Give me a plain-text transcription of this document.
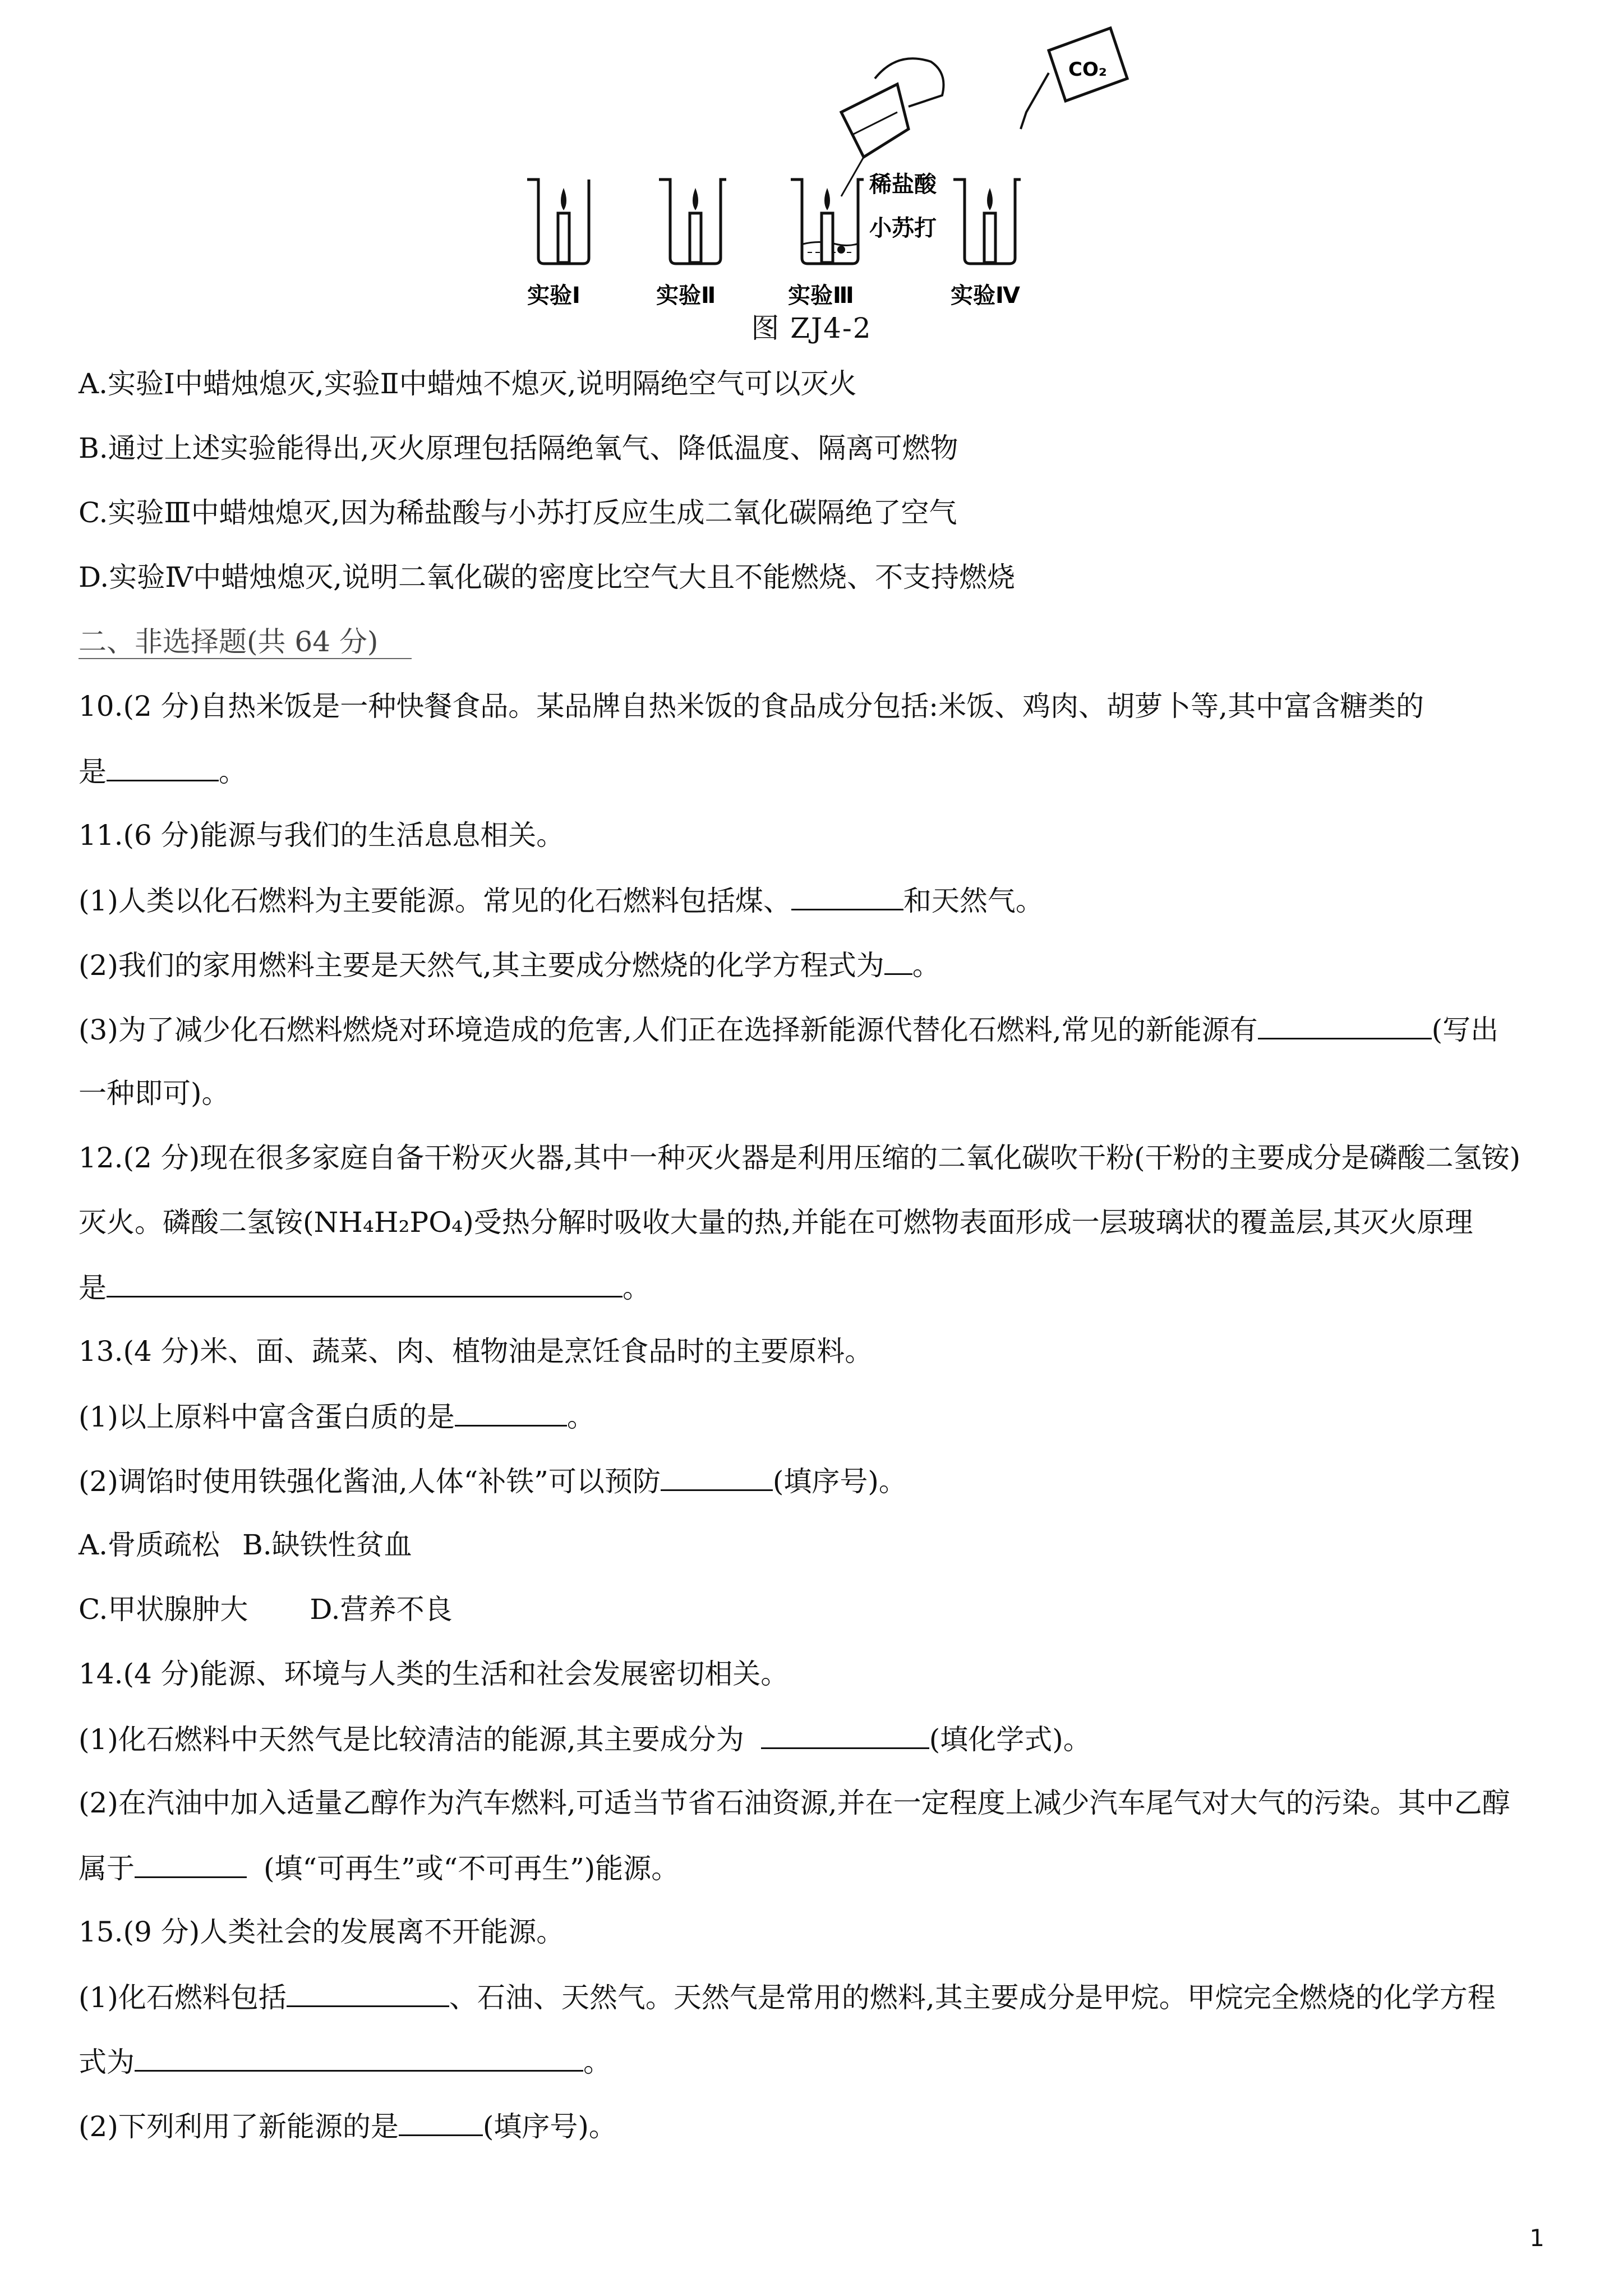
稀盐酸
小苏打
CO₂
实验Ⅰ	实验Ⅱ	实验Ⅲ	实验Ⅳ
图 ZJ4-2
A.实验Ⅰ中蜡烛熄灭,实验Ⅱ中蜡烛不熄灭,说明隔绝空气可以灭火
B.通过上述实验能得出,灭火原理包括隔绝氧气、降低温度、隔离可燃物
C.实验Ⅲ中蜡烛熄灭,因为稀盐酸与小苏打反应生成二氧化碳隔绝了空气
D.实验Ⅳ中蜡烛熄灭,说明二氧化碳的密度比空气大且不能燃烧、不支持燃烧
二、非选择题(共 64 分)
10.(2 分)自热米饭是一种快餐食品。某品牌自热米饭的食品成分包括:米饭、鸡肉、胡萝卜等,其中富含糖类的
是	。
11.(6 分)能源与我们的生活息息相关。
(1)人类以化石燃料为主要能源。常见的化石燃料包括煤、	和天然气。
(2)我们的家用燃料主要是天然气,其主要成分燃烧的化学方程式为 。
(3)为了减少化石燃料燃烧对环境造成的危害,人们正在选择新能源代替化石燃料,常见的新能源有	(写出
一种即可)。
12.(2 分)现在很多家庭自备干粉灭火器,其中一种灭火器是利用压缩的二氧化碳吹干粉(干粉的主要成分是磷酸二氢铵)
灭火。磷酸二氢铵(NH₄H₂PO₄)受热分解时吸收大量的热,并能在可燃物表面形成一层玻璃状的覆盖层,其灭火原理
是	。
13.(4 分)米、面、蔬菜、肉、植物油是烹饪食品时的主要原料。
(1)以上原料中富含蛋白质的是	。
(2)调馅时使用铁强化酱油,人体“补铁”可以预防	(填序号)。
A.骨质疏松 B.缺铁性贫血
C.甲状腺肿大 D.营养不良
14.(4 分)能源、环境与人类的生活和社会发展密切相关。
(1)化石燃料中天然气是比较清洁的能源,其主要成分为	(填化学式)。
(2)在汽油中加入适量乙醇作为汽车燃料,可适当节省石油资源,并在一定程度上减少汽车尾气对大气的污染。其中乙醇
属于	(填“可再生”或“不可再生”)能源。
15.(9 分)人类社会的发展离不开能源。
(1)化石燃料包括	、石油、天然气。天然气是常用的燃料,其主要成分是甲烷。甲烷完全燃烧的化学方程
式为	。
(2)下列利用了新能源的是	(填序号)。
1
